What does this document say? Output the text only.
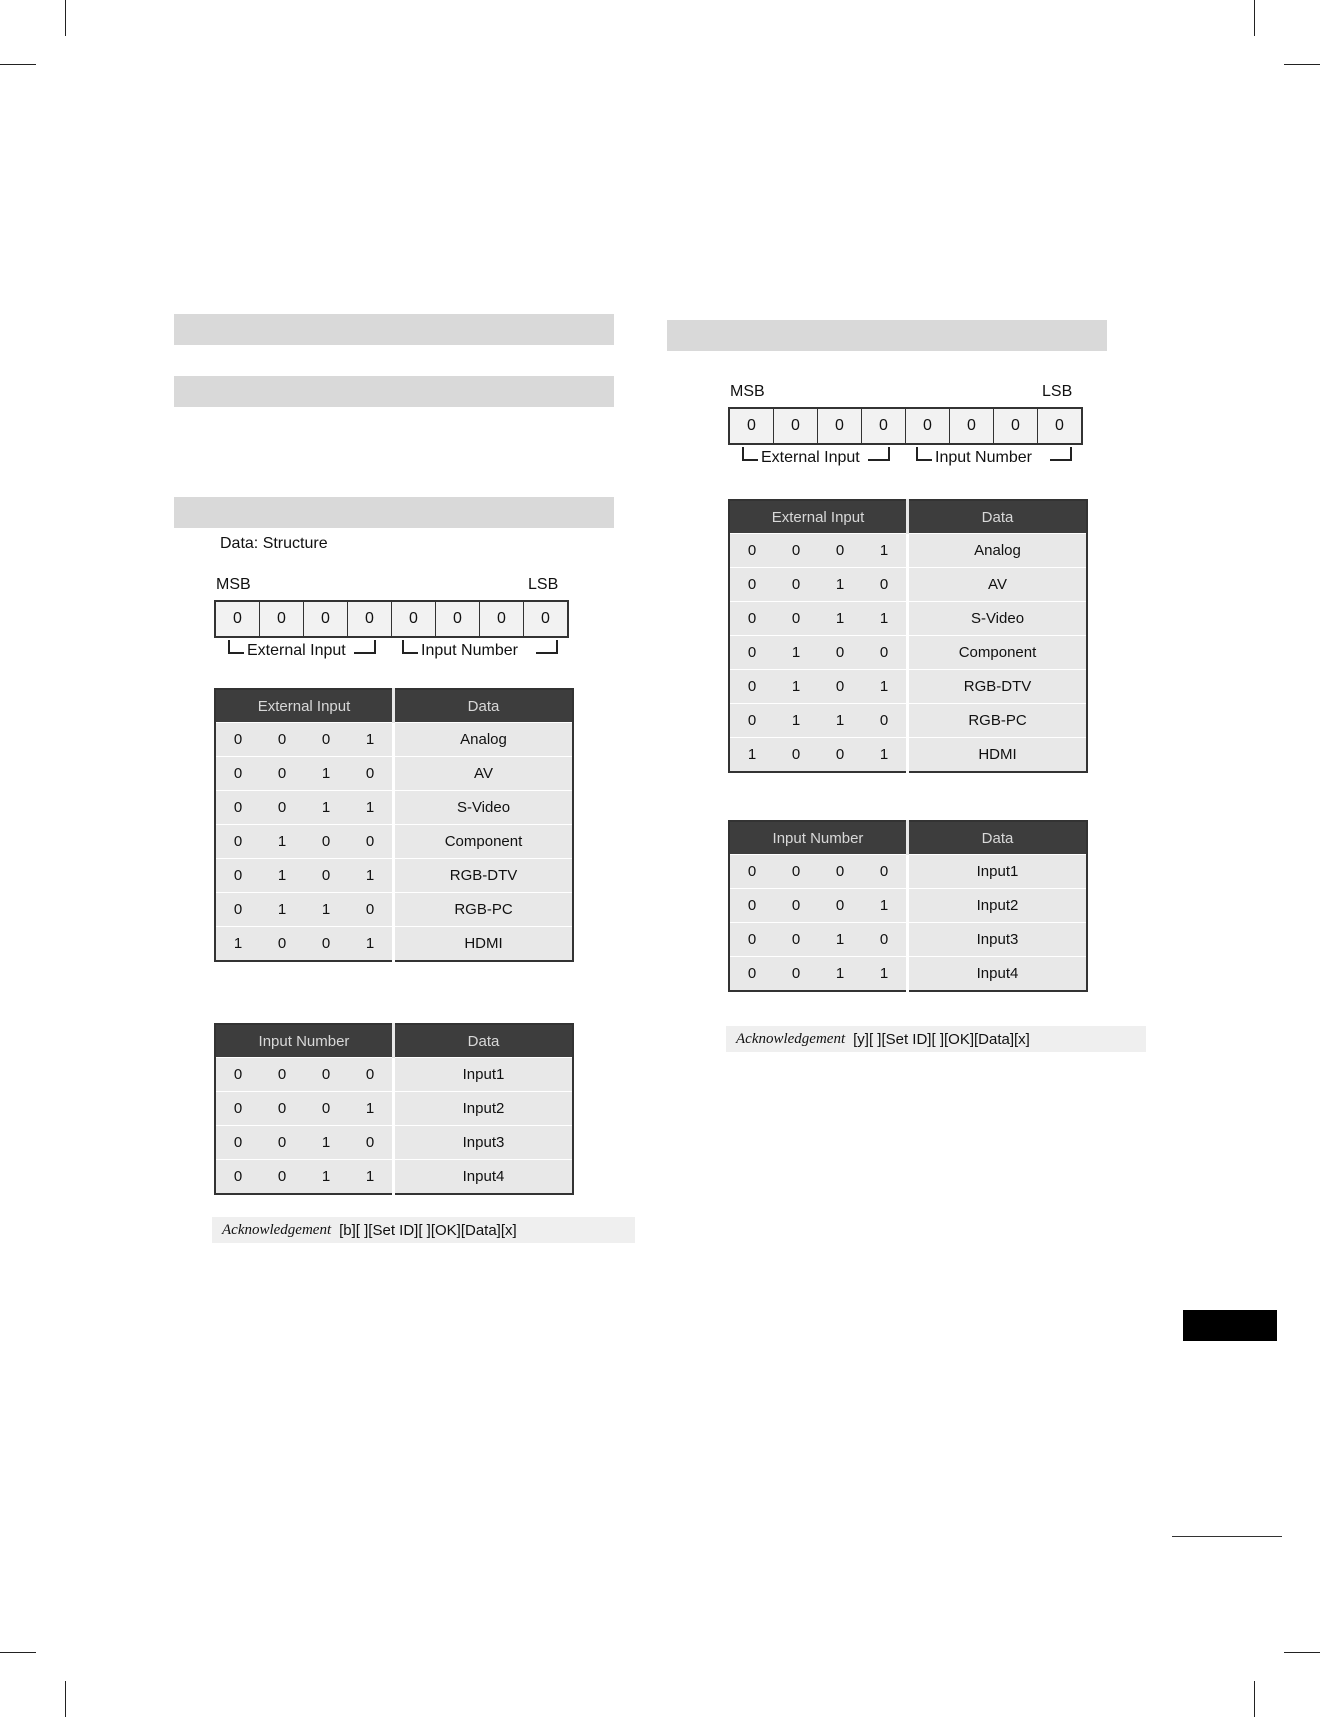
Data: Structure
MSB	LSB
0	0	0	0	0	0	0	0
External Input	Input Number
External Input				Data
0	0	0	1	Analog
0	0	1	0	AV
0	0	1	1	S-Video
0	1	0	0	Component
0	1	0	1	RGB-DTV
0	1	1	0	RGB-PC
1	0	0	1	HDMI
Input Number				Data
0	0	0	0	Input1
0	0	0	1	Input2
0	0	1	0	Input3
0	0	1	1	Input4
Acknowledgement [b][ ][Set ID][ ][OK][Data][x]
MSB	LSB
0	0	0	0	0	0	0	0
External Input	Input Number
External Input				Data
0	0	0	1	Analog
0	0	1	0	AV
0	0	1	1	S-Video
0	1	0	0	Component
0	1	0	1	RGB-DTV
0	1	1	0	RGB-PC
1	0	0	1	HDMI
Input Number				Data
0	0	0	0	Input1
0	0	0	1	Input2
0	0	1	0	Input3
0	0	1	1	Input4
Acknowledgement [y][ ][Set ID][ ][OK][Data][x]
